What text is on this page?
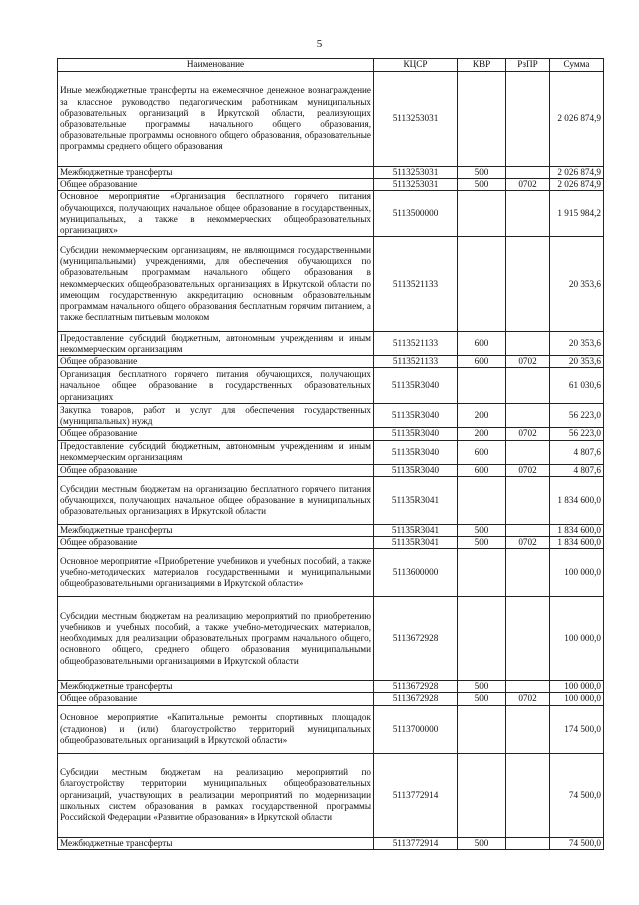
5
Наименование	КЦСР	КВР	РзПР	Сумма
Иные межбюджетные трансферты на ежемесячное денежное вознаграждение за классное руководство педагогическим работникам муниципальных образовательных организаций в Иркутской области, реализующих образовательные программы начального общего образования, образовательные программы основного общего образования, образовательные программы среднего общего образования	5113253031			2 026 874,9
Межбюджетные трансферты	5113253031	500		2 026 874,9
Общее образование	5113253031	500	0702	2 026 874,9
Основное мероприятие «Организация бесплатного горячего питания обучающихся, получающих начальное общее образование в государственных, муниципальных, а также в некоммерческих общеобразовательных организациях»	5113500000			1 915 984,2
Субсидии некоммерческим организациям, не являющимся государственными (муниципальными) учреждениями, для обеспечения обучающихся по образовательным программам начального общего образования в некоммерческих общеобразовательных организациях в Иркутской области по имеющим государственную аккредитацию основным образовательным программам начального общего образования бесплатным горячим питанием, а также бесплатным питьевым молоком	5113521133			20 353,6
Предоставление субсидий бюджетным, автономным учреждениям и иным некоммерческим организациям	5113521133	600		20 353,6
Общее образование	5113521133	600	0702	20 353,6
Организация бесплатного горячего питания обучающихся, получающих начальное общее образование в государственных образовательных организациях	51135R3040			61 030,6
Закупка товаров, работ и услуг для обеспечения государственных (муниципальных) нужд	51135R3040	200		56 223,0
Общее образование	51135R3040	200	0702	56 223,0
Предоставление субсидий бюджетным, автономным учреждениям и иным некоммерческим организациям	51135R3040	600		4 807,6
Общее образование	51135R3040	600	0702	4 807,6
Субсидии местным бюджетам на организацию бесплатного горячего питания обучающихся, получающих начальное общее образование в муниципальных образовательных организациях в Иркутской области	51135R3041			1 834 600,0
Межбюджетные трансферты	51135R3041	500		1 834 600,0
Общее образование	51135R3041	500	0702	1 834 600,0
Основное мероприятие «Приобретение учебников и учебных пособий, а также учебно-методических материалов государственными и муниципальными общеобразовательными организациями в Иркутской области»	5113600000			100 000,0
Субсидии местным бюджетам на реализацию мероприятий по приобретению учебников и учебных пособий, а также учебно-методических материалов, необходимых для реализации образовательных программ начального общего, основного общего, среднего общего образования муниципальными общеобразовательными организациями в Иркутской области	5113672928			100 000,0
Межбюджетные трансферты	5113672928	500		100 000,0
Общее образование	5113672928	500	0702	100 000,0
Основное мероприятие «Капитальные ремонты спортивных площадок (стадионов) и (или) благоустройство территорий муниципальных общеобразовательных организаций в Иркутской области»	5113700000			174 500,0
Субсидии местным бюджетам на реализацию мероприятий по благоустройству территории муниципальных общеобразовательных организаций, участвующих в реализации мероприятий по модернизации школьных систем образования в рамках государственной программы Российской Федерации «Развитие образования» в Иркутской области	5113772914			74 500,0
Межбюджетные трансферты	5113772914	500		74 500,0
